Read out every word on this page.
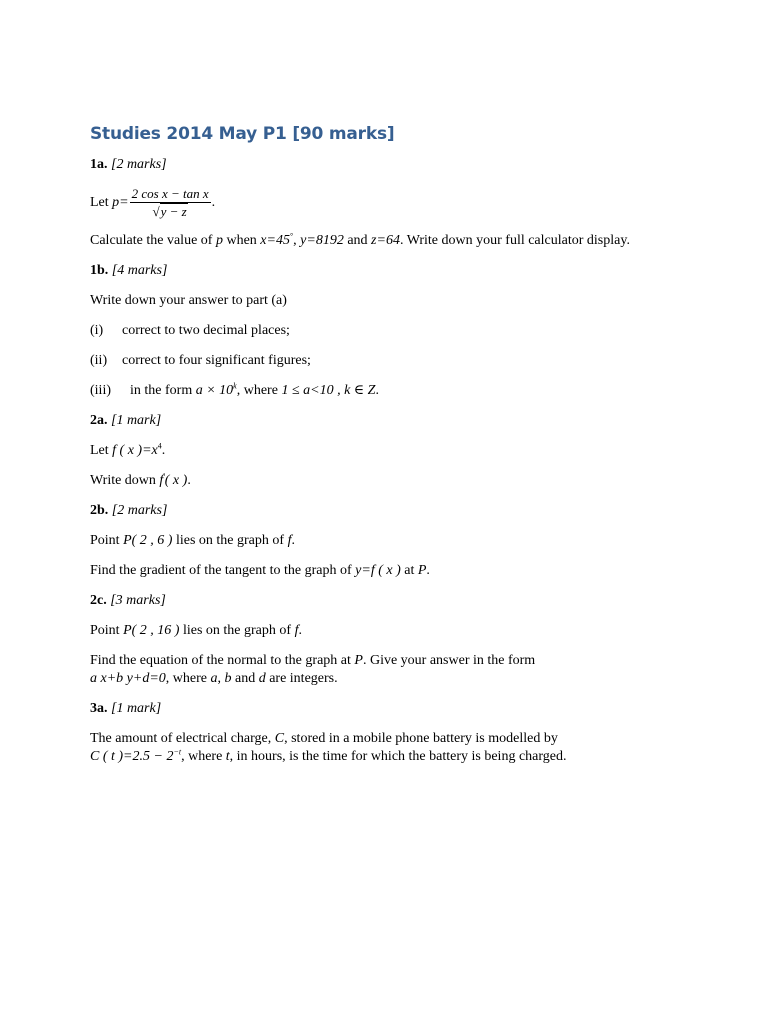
Studies 2014 May P1 [90 marks]
1a. [2 marks]

Let $p= \frac{\text{2 cos x − tan x}}{√y - z}$ .

Calculate the value of p when x=45°, y=8192 and z=64. Write down your full calculator display.

1b. [4 marks]

Write down your answer to part (a)

(i) correct to two decimal places;

(ii) correct to four significant figures;

(iii) in the form $a \times 10^k$, where 1 ≤ a<10 , k ∈ Z.

2a. [1 mark]

Let f ( x )$=x^4$.

Write down f'( x ).

2b. [2 marks]

Point P( 2 , 6 ) lies on the graph of f.

Find the gradient of the tangent to the graph of y=f ( x ) at P.

2c. [3 marks]

Point P( 2 , 16 ) lies on the graph of f.

Find the equation of the normal to the graph at P. Give your answer in the form
a x+b y+d=0, where a, b and d are integers.

3a. [1 mark]

The amount of electrical charge, C, stored in a mobile phone battery is modelled by
C ( t )$=2.5 - 2^{-t}$, where t, in hours, is the time for which the battery is being charged.
